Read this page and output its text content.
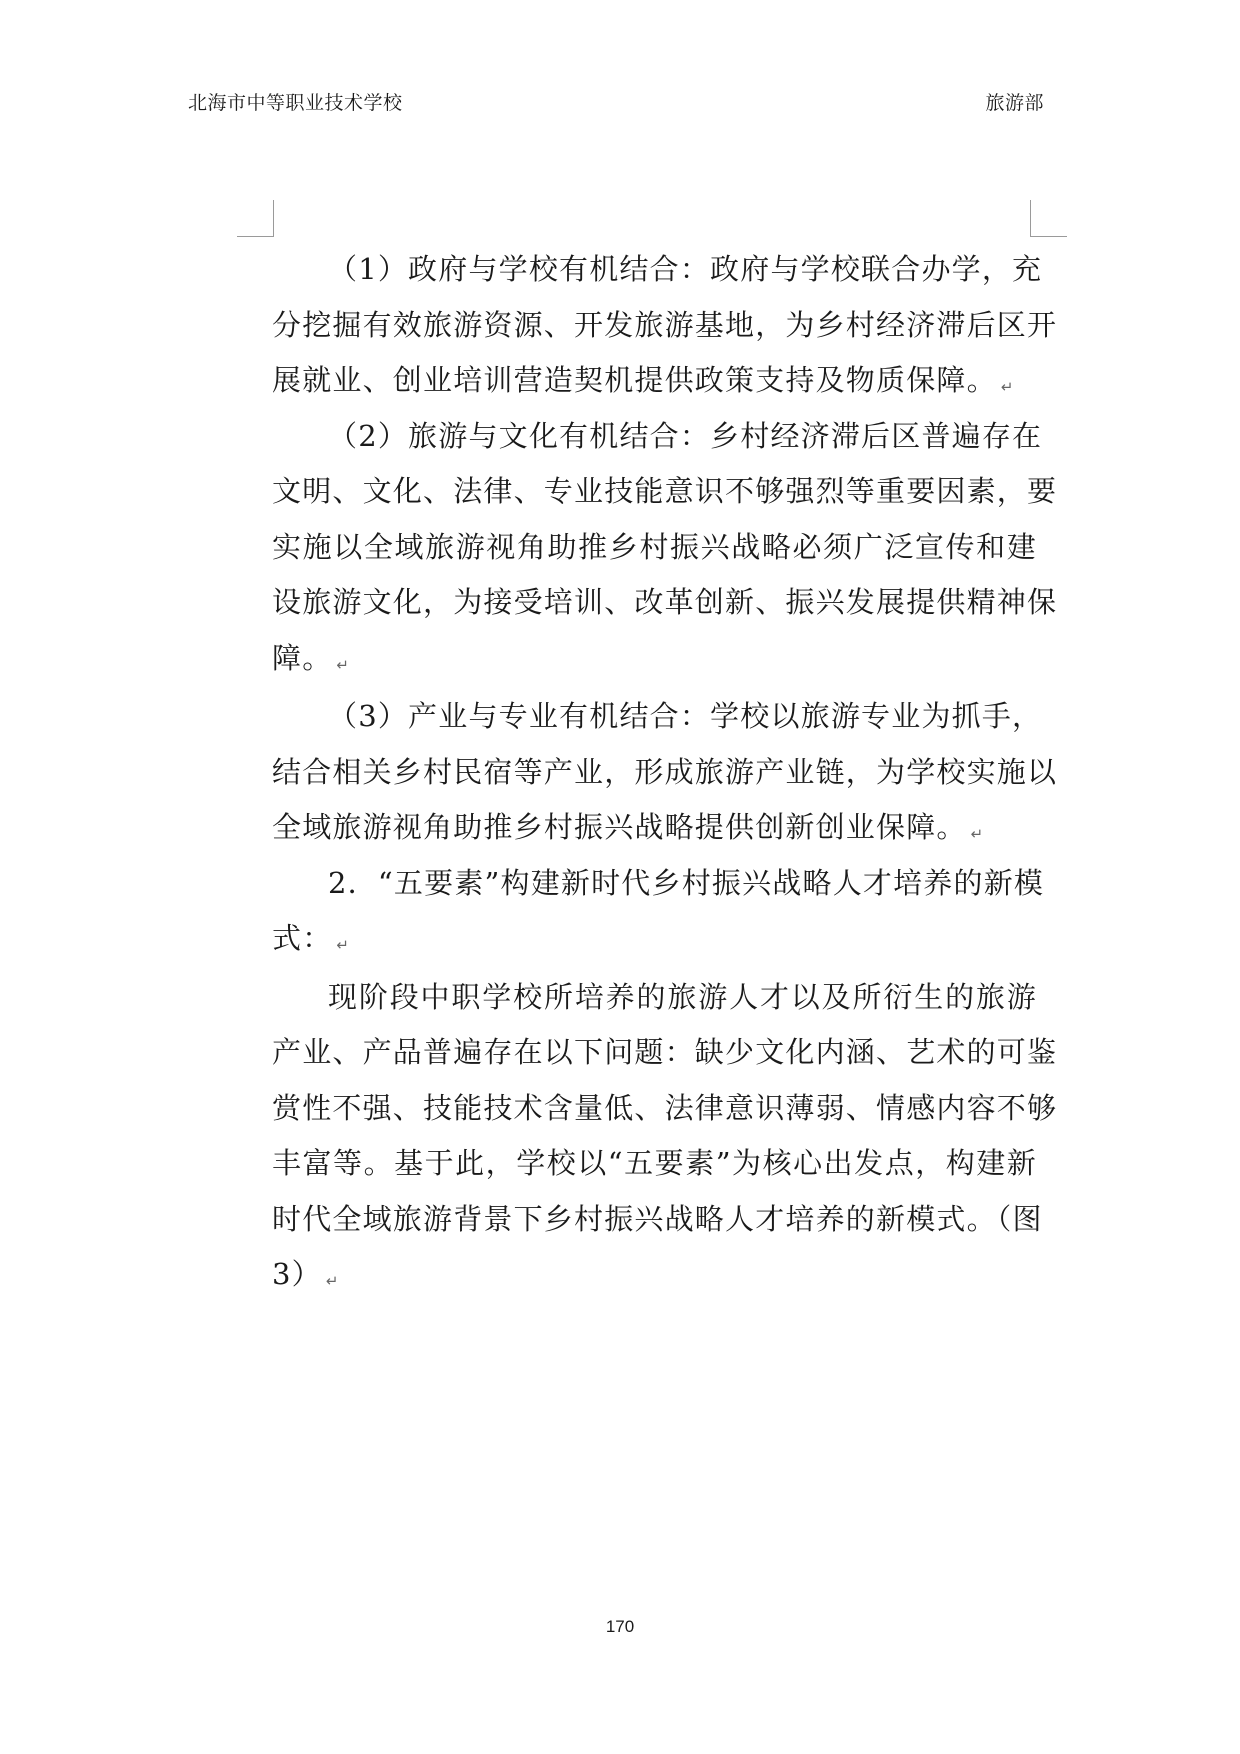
北海市中等职业技术学校	旅游部
（1）政府与学校有机结合：政府与学校联合办学，充
分挖掘有效旅游资源、开发旅游基地，为乡村经济滞后区开
展就业、创业培训营造契机提供政策支持及物质保障。 ↵
（2）旅游与文化有机结合：乡村经济滞后区普遍存在
文明、文化、法律、专业技能意识不够强烈等重要因素，要
实施以全域旅游视角助推乡村振兴战略必须广泛宣传和建
设旅游文化，为接受培训、改革创新、振兴发展提供精神保
障。 ↵
（3）产业与专业有机结合：学校以旅游专业为抓手，
结合相关乡村民宿等产业，形成旅游产业链，为学校实施以
全域旅游视角助推乡村振兴战略提供创新创业保障。 ↵
2．“五要素”构建新时代乡村振兴战略人才培养的新模
式： ↵
现阶段中职学校所培养的旅游人才以及所衍生的旅游
产业、产品普遍存在以下问题：缺少文化内涵、艺术的可鉴
赏性不强、技能技术含量低、法律意识薄弱、情感内容不够
丰富等。基于此，学校以“五要素”为核心出发点，构建新
时代全域旅游背景下乡村振兴战略人才培养的新模式。（图
3） ↵
170
